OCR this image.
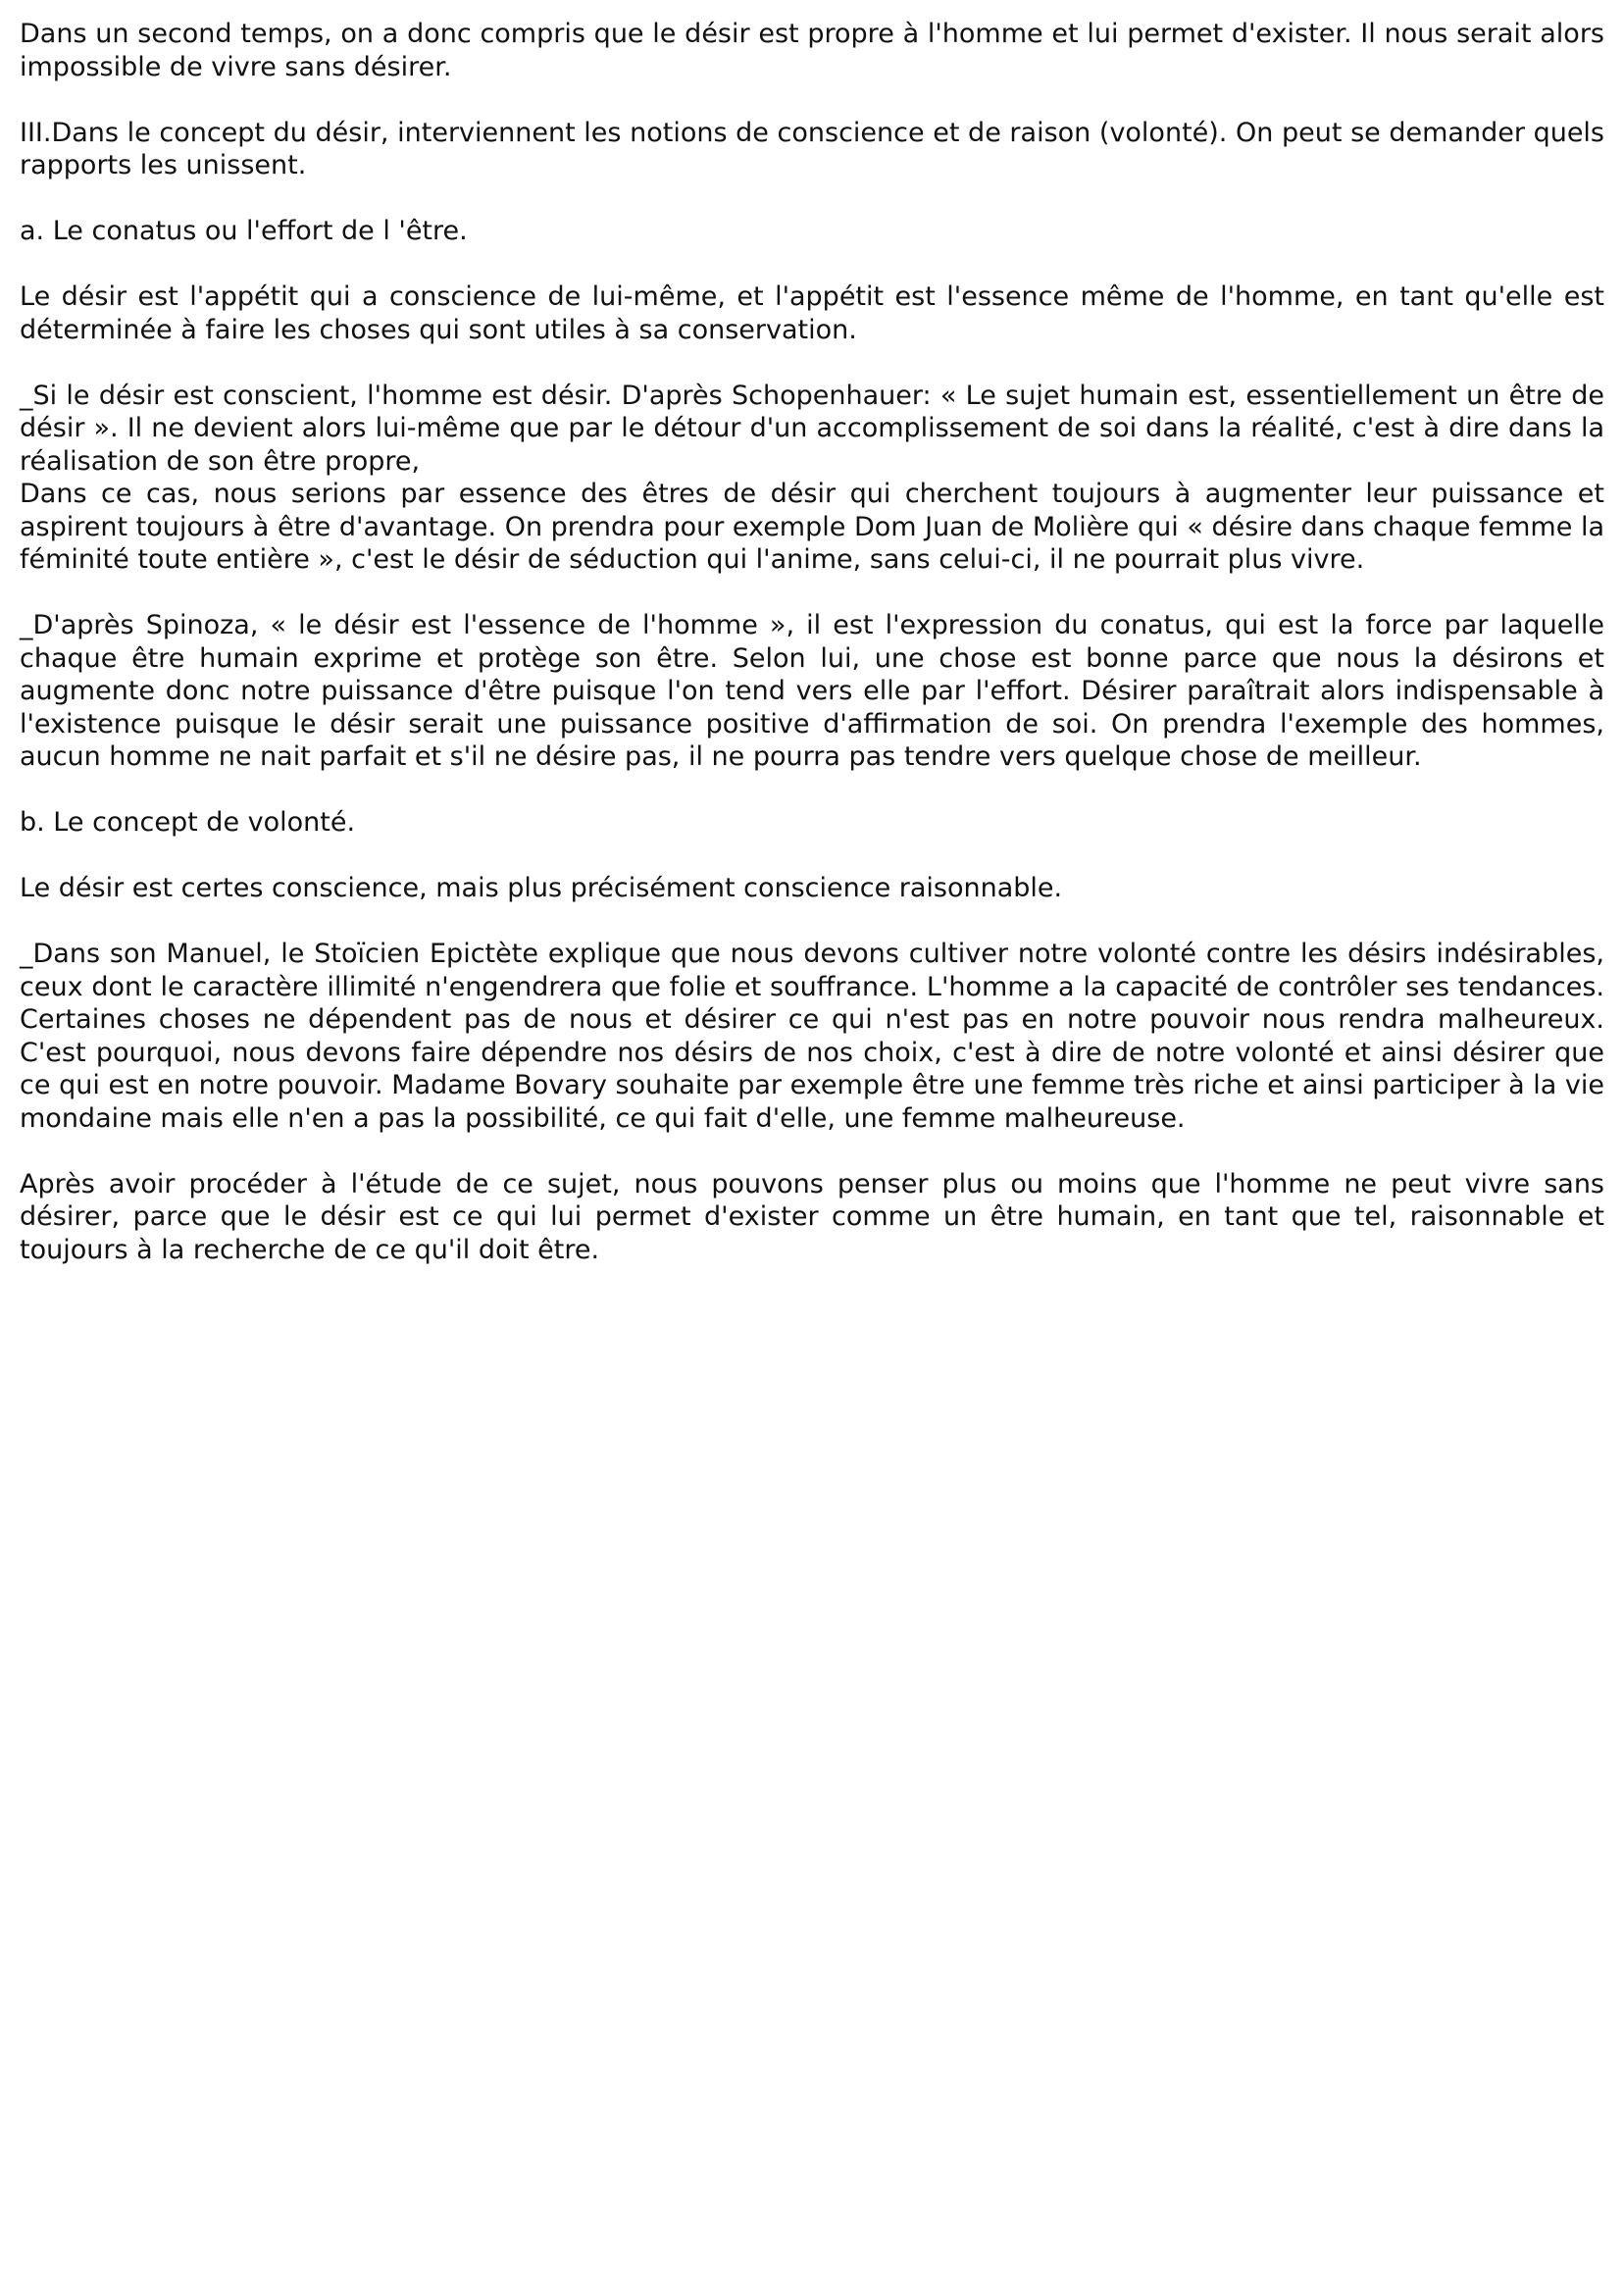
Dans un second temps, on a donc compris que le désir est propre à l'homme et lui permet d'exister. Il nous serait alors impossible de vivre sans désirer.

III.Dans le concept du désir, interviennent les notions de conscience et de raison (volonté). On peut se demander quels rapports les unissent.

a. Le conatus ou l'effort de l 'être.

Le désir est l'appétit qui a conscience de lui-même, et l'appétit est l'essence même de l'homme, en tant qu'elle est déterminée à faire les choses qui sont utiles à sa conservation.

_Si le désir est conscient, l'homme est désir. D'après Schopenhauer: « Le sujet humain est, essentiellement un être de désir ». Il ne devient alors lui-même que par le détour d'un accomplissement de soi dans la réalité, c'est à dire dans la réalisation de son être propre,

Dans ce cas, nous serions par essence des êtres de désir qui cherchent toujours à augmenter leur puissance et aspirent toujours à être d'avantage. On prendra pour exemple Dom Juan de Molière qui « désire dans chaque femme la féminité toute entière », c'est le désir de séduction qui l'anime, sans celui-ci, il ne pourrait plus vivre.

_D'après Spinoza, « le désir est l'essence de l'homme », il est l'expression du conatus, qui est la force par laquelle chaque être humain exprime et protège son être. Selon lui, une chose est bonne parce que nous la désirons et augmente donc notre puissance d'être puisque l'on tend vers elle par l'effort. Désirer paraîtrait alors indispensable à l'existence puisque le désir serait une puissance positive d'affirmation de soi. On prendra l'exemple des hommes, aucun homme ne nait parfait et s'il ne désire pas, il ne pourra pas tendre vers quelque chose de meilleur.

b. Le concept de volonté.

Le désir est certes conscience, mais plus précisément conscience raisonnable.

_Dans son Manuel, le Stoïcien Epictète explique que nous devons cultiver notre volonté contre les désirs indésirables, ceux dont le caractère illimité n'engendrera que folie et souffrance. L'homme a la capacité de contrôler ses tendances. Certaines choses ne dépendent pas de nous et désirer ce qui n'est pas en notre pouvoir nous rendra malheureux. C'est pourquoi, nous devons faire dépendre nos désirs de nos choix, c'est à dire de notre volonté et ainsi désirer que ce qui est en notre pouvoir. Madame Bovary souhaite par exemple être une femme très riche et ainsi participer à la vie mondaine mais elle n'en a pas la possibilité, ce qui fait d'elle, une femme malheureuse.

Après avoir procéder à l'étude de ce sujet, nous pouvons penser plus ou moins que l'homme ne peut vivre sans désirer, parce que le désir est ce qui lui permet d'exister comme un être humain, en tant que tel, raisonnable et toujours à la recherche de ce qu'il doit être.
